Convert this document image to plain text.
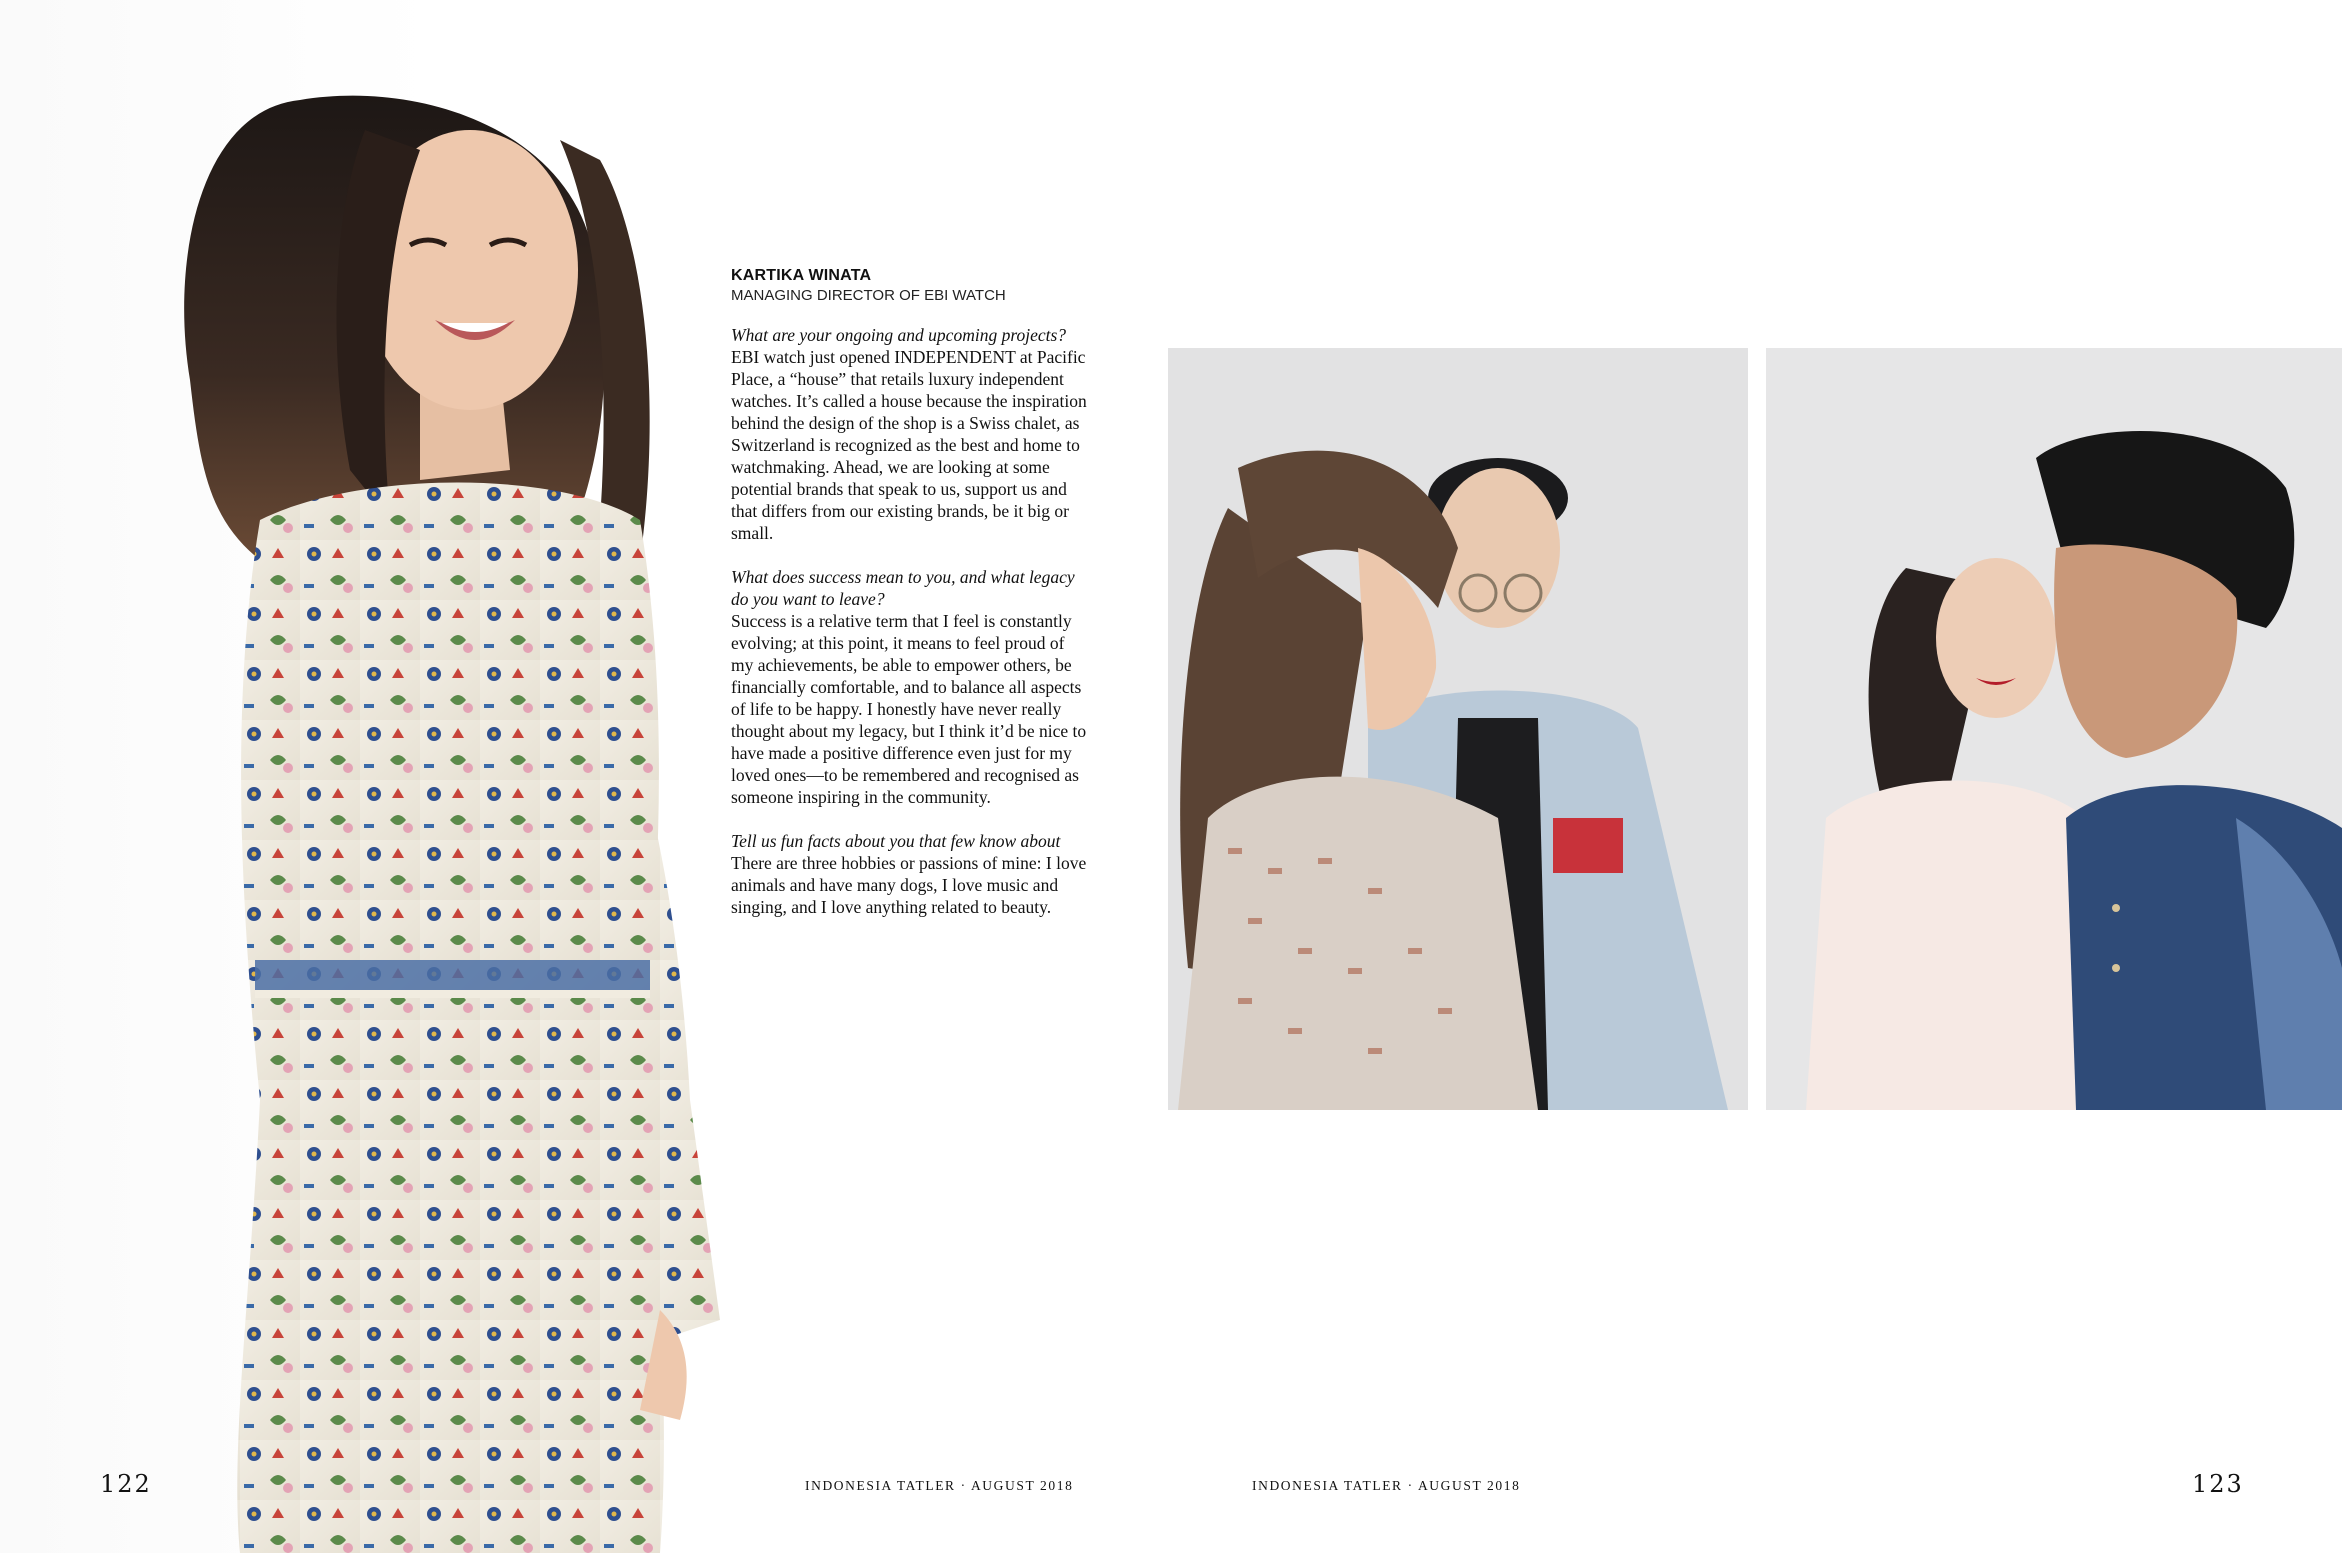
KARTIKA WINATA

MANAGING DIRECTOR OF EBI WATCH

What are your ongoing and upcoming projects?

EBI watch just opened INDEPENDENT at Pacific Place, a “house” that retails luxury independent watches. It’s called a house because the inspiration behind the design of the shop is a Swiss chalet, as Switzerland is recognized as the best and home to watchmaking. Ahead, we are looking at some potential brands that speak to us, support us and that differs from our existing brands, be it big or small.

What does success mean to you, and what legacy do you want to leave?

Success is a relative term that I feel is constantly evolving; at this point, it means to feel proud of my achievements, be able to empower others, be financially comfortable, and to balance all aspects of life to be happy. I honestly have never really thought about my legacy, but I think it’d be nice to have made a positive difference even just for my loved ones—to be remembered and recognised as someone inspiring in the community.

Tell us fun facts about you that few know about

There are three hobbies or passions of mine: I love animals and have many dogs, I love music and singing, and I love anything related to beauty.

122	INDONESIA TATLER · AUGUST 2018	INDONESIA TATLER · AUGUST 2018	123
